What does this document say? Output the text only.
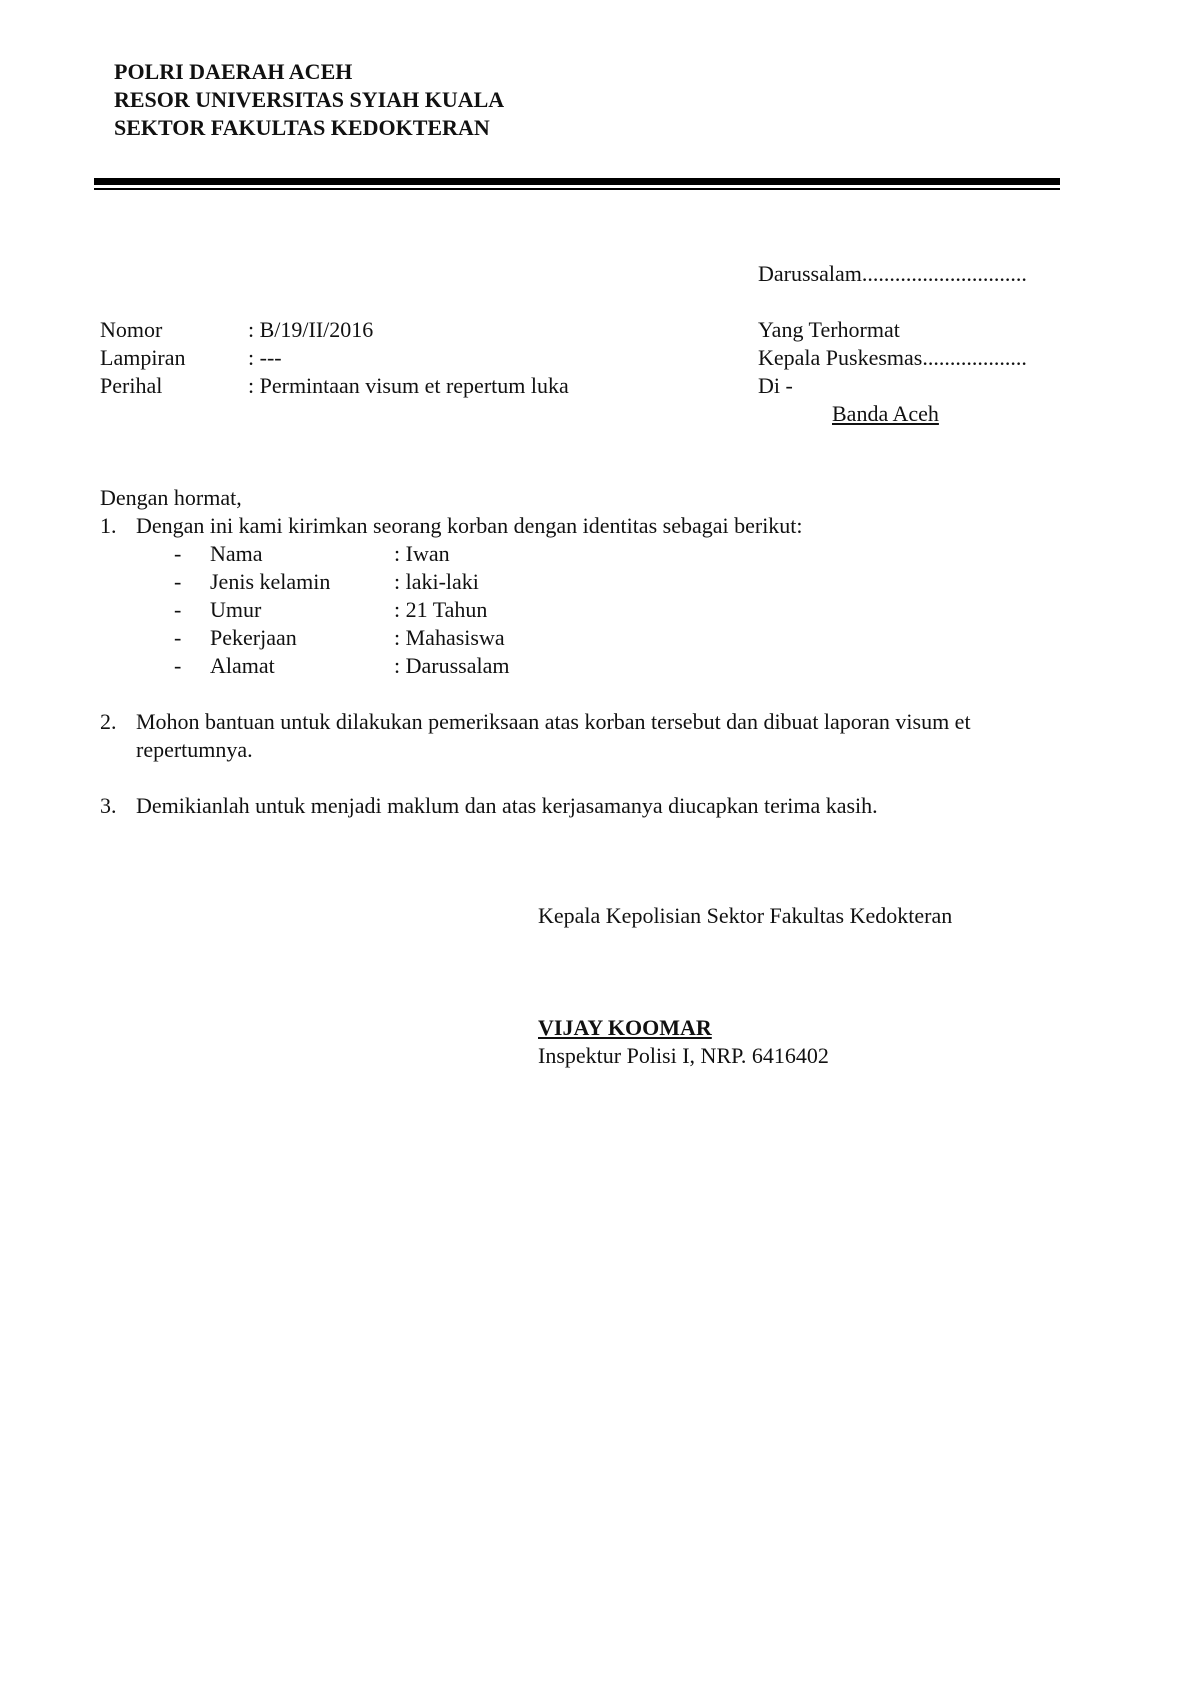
POLRI DAERAH ACEH
RESOR UNIVERSITAS SYIAH KUALA
SEKTOR FAKULTAS KEDOKTERAN
Darussalam..............................
Nomor	: B/19/II/2016
Lampiran	: ---
Perihal	: Permintaan visum et repertum luka
Yang Terhormat
Kepala Puskesmas...................
Di -
Banda Aceh
Dengan hormat,
1. Dengan ini kami kirimkan seorang korban dengan identitas sebagai berikut:
- Nama	: Iwan
- Jenis kelamin	: laki-laki
- Umur	: 21 Tahun
- Pekerjaan	: Mahasiswa
- Alamat	: Darussalam
2. Mohon bantuan untuk dilakukan pemeriksaan atas korban tersebut dan dibuat laporan visum et
repertumnya.
3. Demikianlah untuk menjadi maklum dan atas kerjasamanya diucapkan terima kasih.
Kepala Kepolisian Sektor Fakultas Kedokteran
VIJAY KOOMAR
Inspektur Polisi I, NRP. 6416402
